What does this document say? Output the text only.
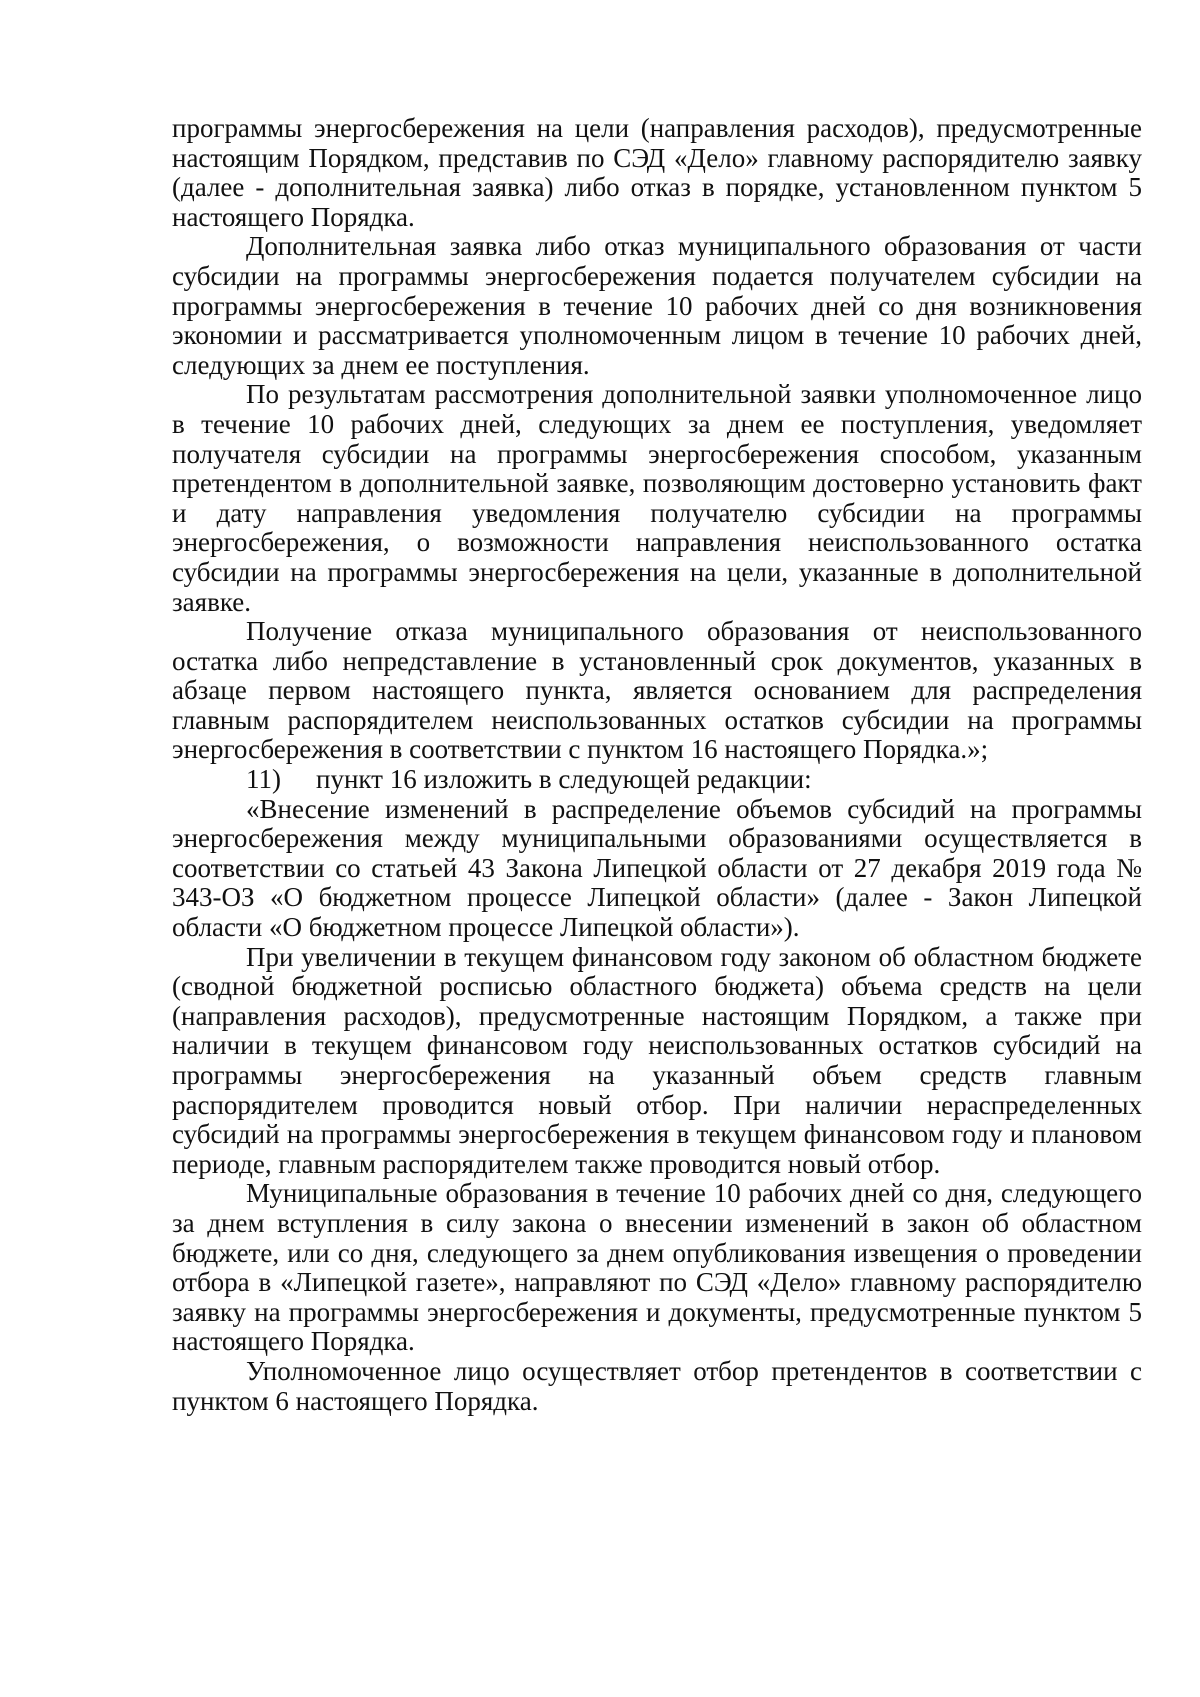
программы энергосбережения на цели (направления расходов), предусмотренные настоящим Порядком, представив по СЭД «Дело» главному распорядителю заявку (далее - дополнительная заявка) либо отказ в порядке, установленном пунктом 5 настоящего Порядка.

Дополнительная заявка либо отказ муниципального образования от части субсидии на программы энергосбережения подается получателем субсидии на программы энергосбережения в течение 10 рабочих дней со дня возникновения экономии и рассматривается уполномоченным лицом в течение 10 рабочих дней, следующих за днем ее поступления.

По результатам рассмотрения дополнительной заявки уполномоченное лицо в течение 10 рабочих дней, следующих за днем ее поступления, уведомляет получателя субсидии на программы энергосбережения способом, указанным претендентом в дополнительной заявке, позволяющим достоверно установить факт и дату направления уведомления получателю субсидии на программы энергосбережения, о возможности направления неиспользованного остатка субсидии на программы энергосбережения на цели, указанные в дополнительной заявке.

Получение отказа муниципального образования от неиспользованного остатка либо непредставление в установленный срок документов, указанных в абзаце первом настоящего пункта, является основанием для распределения главным распорядителем неиспользованных остатков субсидии на программы энергосбережения в соответствии с пунктом 16 настоящего Порядка.»;

11) пункт 16 изложить в следующей редакции:

«Внесение изменений в распределение объемов субсидий на программы энергосбережения между муниципальными образованиями осуществляется в соответствии со статьей 43 Закона Липецкой области от 27 декабря 2019 года № 343-ОЗ «О бюджетном процессе Липецкой области» (далее - Закон Липецкой области «О бюджетном процессе Липецкой области»).

При увеличении в текущем финансовом году законом об областном бюджете (сводной бюджетной росписью областного бюджета) объема средств на цели (направления расходов), предусмотренные настоящим Порядком, а также при наличии в текущем финансовом году неиспользованных остатков субсидий на программы энергосбережения на указанный объем средств главным распорядителем проводится новый отбор. При наличии нераспределенных субсидий на программы энергосбережения в текущем финансовом году и плановом периоде, главным распорядителем также проводится новый отбор.

Муниципальные образования в течение 10 рабочих дней со дня, следующего за днем вступления в силу закона о внесении изменений в закон об областном бюджете, или со дня, следующего за днем опубликования извещения о проведении отбора в «Липецкой газете», направляют по СЭД «Дело» главному распорядителю заявку на программы энергосбережения и документы, предусмотренные пунктом 5 настоящего Порядка.

Уполномоченное лицо осуществляет отбор претендентов в соответствии с пунктом 6 настоящего Порядка.
